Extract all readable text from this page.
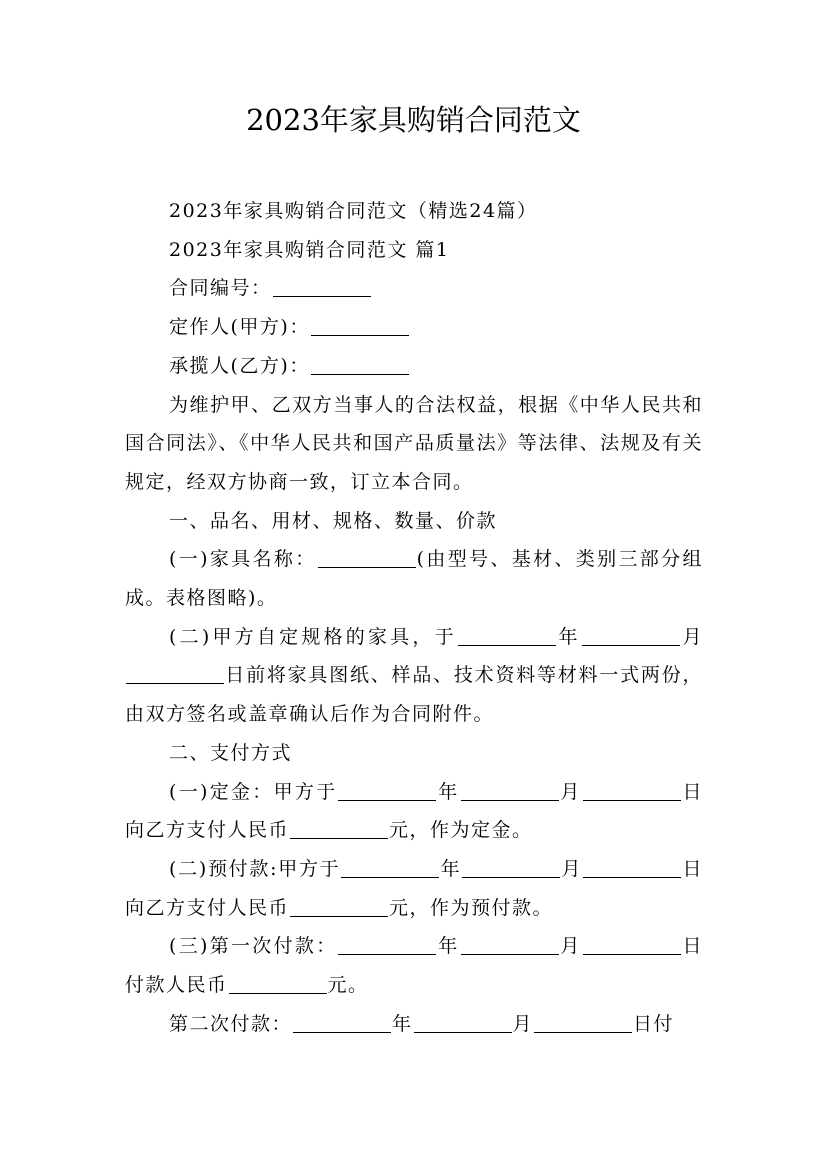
2023年家具购销合同范文

2023年家具购销合同范文（精选24篇）

2023年家具购销合同范文 篇1

合同编号：

定作人(甲方)：

承揽人(乙方)：

为维护甲、乙双方当事人的合法权益，根据《中华人民共和国合同法》、《中华人民共和国产品质量法》等法律、法规及有关规定，经双方协商一致，订立本合同。

一、品名、用材、规格、数量、价款

(一)家具名称：	(由型号、基材、类别三部分组成。表格图略)。

(二)甲方自定规格的家具，于	年	月日前将家具图纸、样品、技术资料等材料一式两份，由双方签名或盖章确认后作为合同附件。

二、支付方式

(一)定金：甲方于	年	月	日向乙方支付人民币	元，作为定金。

(二)预付款:甲方于	年	月	日向乙方支付人民币	元，作为预付款。

(三)第一次付款：	年	月	日付款人民币	元。

第二次付款：	年	月	日付
